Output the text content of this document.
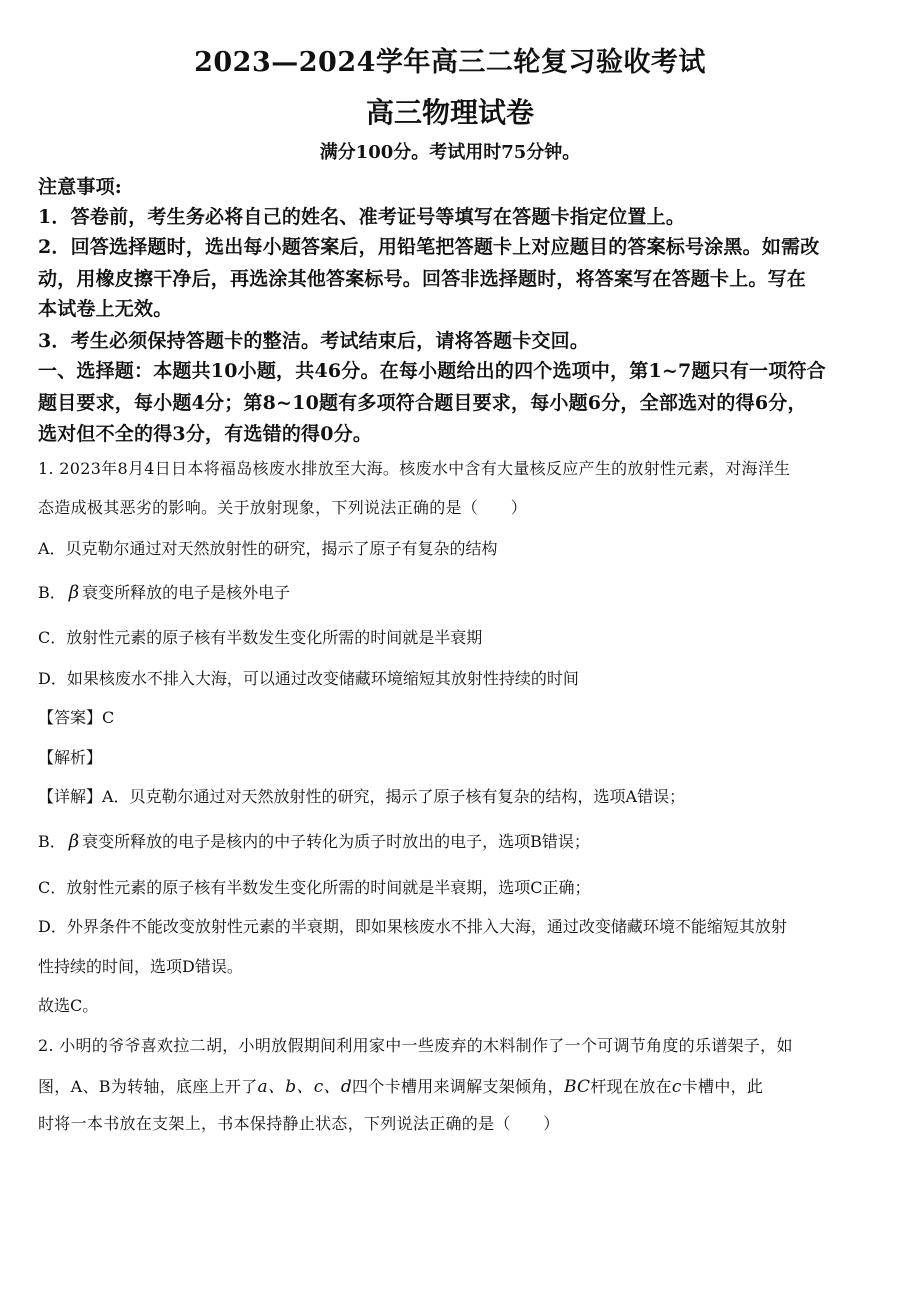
2023—2024学年高三二轮复习验收考试
高三物理试卷
满分100分。考试用时75分钟。
注意事项:
1．答卷前，考生务必将自己的姓名、准考证号等填写在答题卡指定位置上。
2．回答选择题时，选出每小题答案后，用铅笔把答题卡上对应题目的答案标号涂黑。如需改
动，用橡皮擦干净后，再选涂其他答案标号。回答非选择题时，将答案写在答题卡上。写在
本试卷上无效。
3．考生必须保持答题卡的整洁。考试结束后，请将答题卡交回。
一、选择题：本题共10小题，共46分。在每小题给出的四个选项中，第1~7题只有一项符合
题目要求，每小题4分；第8~10题有多项符合题目要求，每小题6分，全部选对的得6分，
选对但不全的得3分，有选错的得0分。
1. 2023年8月4日日本将福岛核废水排放至大海。核废水中含有大量核反应产生的放射性元素，对海洋生
态造成极其恶劣的影响。关于放射现象，下列说法正确的是（　　）
A．贝克勒尔通过对天然放射性的研究，揭示了原子有复杂的结构
B． β 衰变所释放的电子是核外电子
C．放射性元素的原子核有半数发生变化所需的时间就是半衰期
D．如果核废水不排入大海，可以通过改变储藏环境缩短其放射性持续的时间
【答案】C
【解析】
【详解】A．贝克勒尔通过对天然放射性的研究，揭示了原子核有复杂的结构，选项A错误；
B． β 衰变所释放的电子是核内的中子转化为质子时放出的电子，选项B错误；
C．放射性元素的原子核有半数发生变化所需的时间就是半衰期，选项C正确；
D．外界条件不能改变放射性元素的半衰期，即如果核废水不排入大海，通过改变储藏环境不能缩短其放射
性持续的时间，选项D错误。
故选C。
2. 小明的爷爷喜欢拉二胡，小明放假期间利用家中一些废弃的木料制作了一个可调节角度的乐谱架子，如
图，A、B为转轴，底座上开了a、b、c、d四个卡槽用来调解支架倾角，BC杆现在放在c卡槽中，此
时将一本书放在支架上，书本保持静止状态，下列说法正确的是（　　）
